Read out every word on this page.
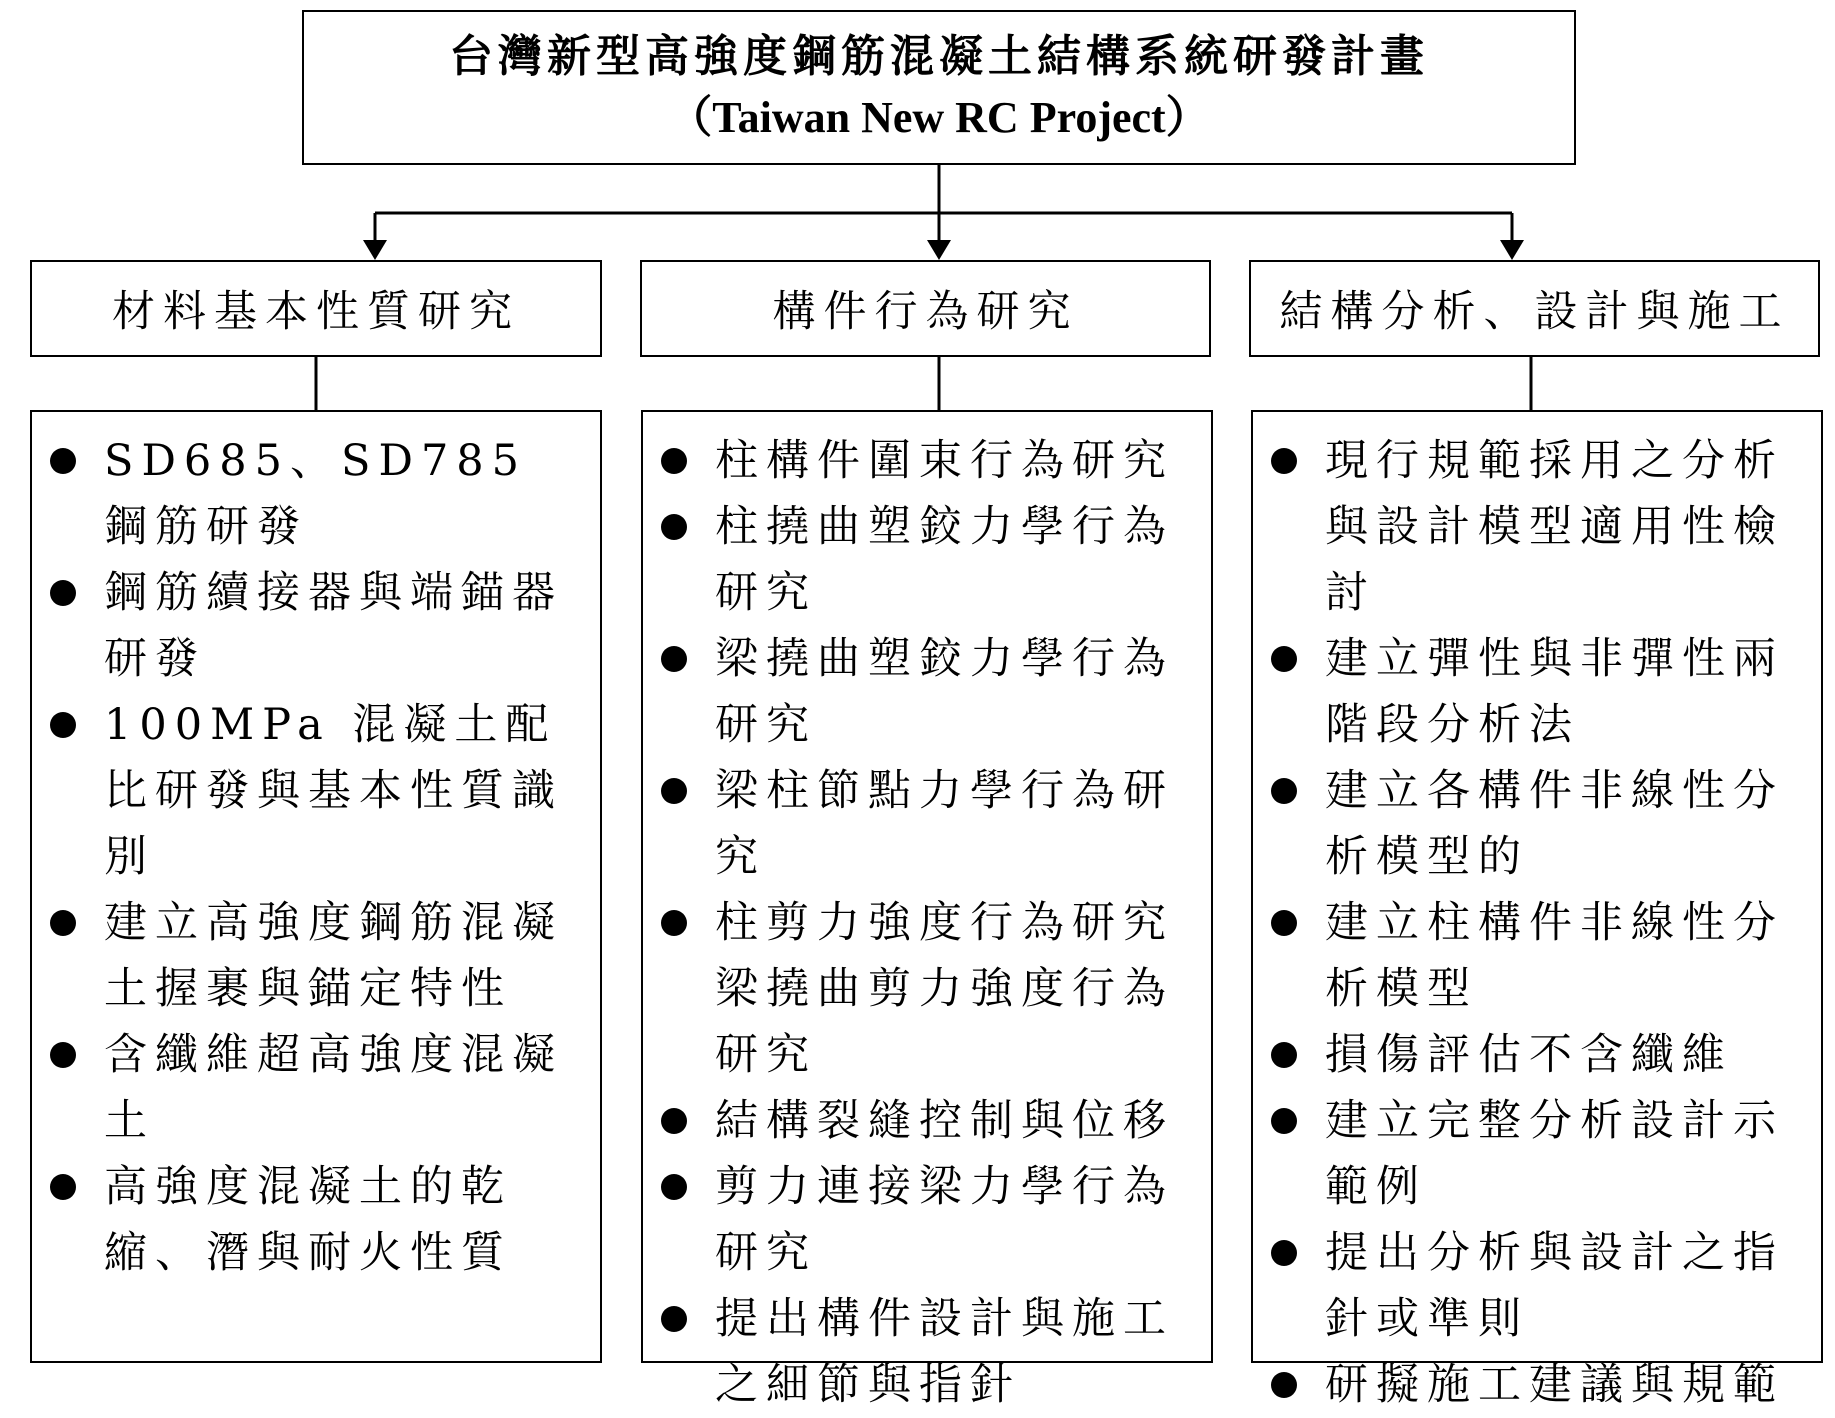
台灣新型高強度鋼筋混凝土結構系統研發計畫
（Taiwan New RC Project）
材料基本性質研究	構件行為研究	結構分析、設計與施工
SD685、SD785 鋼筋研發
鋼筋續接器與端錨器研發
100MPa 混凝土配比研發與基本性質識別
建立高強度鋼筋混凝土握裹與錨定特性
含纖維超高強度混凝土
高強度混凝土的乾縮、潛與耐火性質
柱構件圍束行為研究
柱撓曲塑鉸力學行為研究
梁撓曲塑鉸力學行為研究
梁柱節點力學行為研究
柱剪力強度行為研究梁撓曲剪力強度行為研究
結構裂縫控制與位移
剪力連接梁力學行為研究
提出構件設計與施工之細節與指針
現行規範採用之分析與設計模型適用性檢討
建立彈性與非彈性兩階段分析法
建立各構件非線性分析模型的
建立柱構件非線性分析模型
損傷評估不含纖維
建立完整分析設計示範例
提出分析與設計之指針或準則
研擬施工建議與規範
